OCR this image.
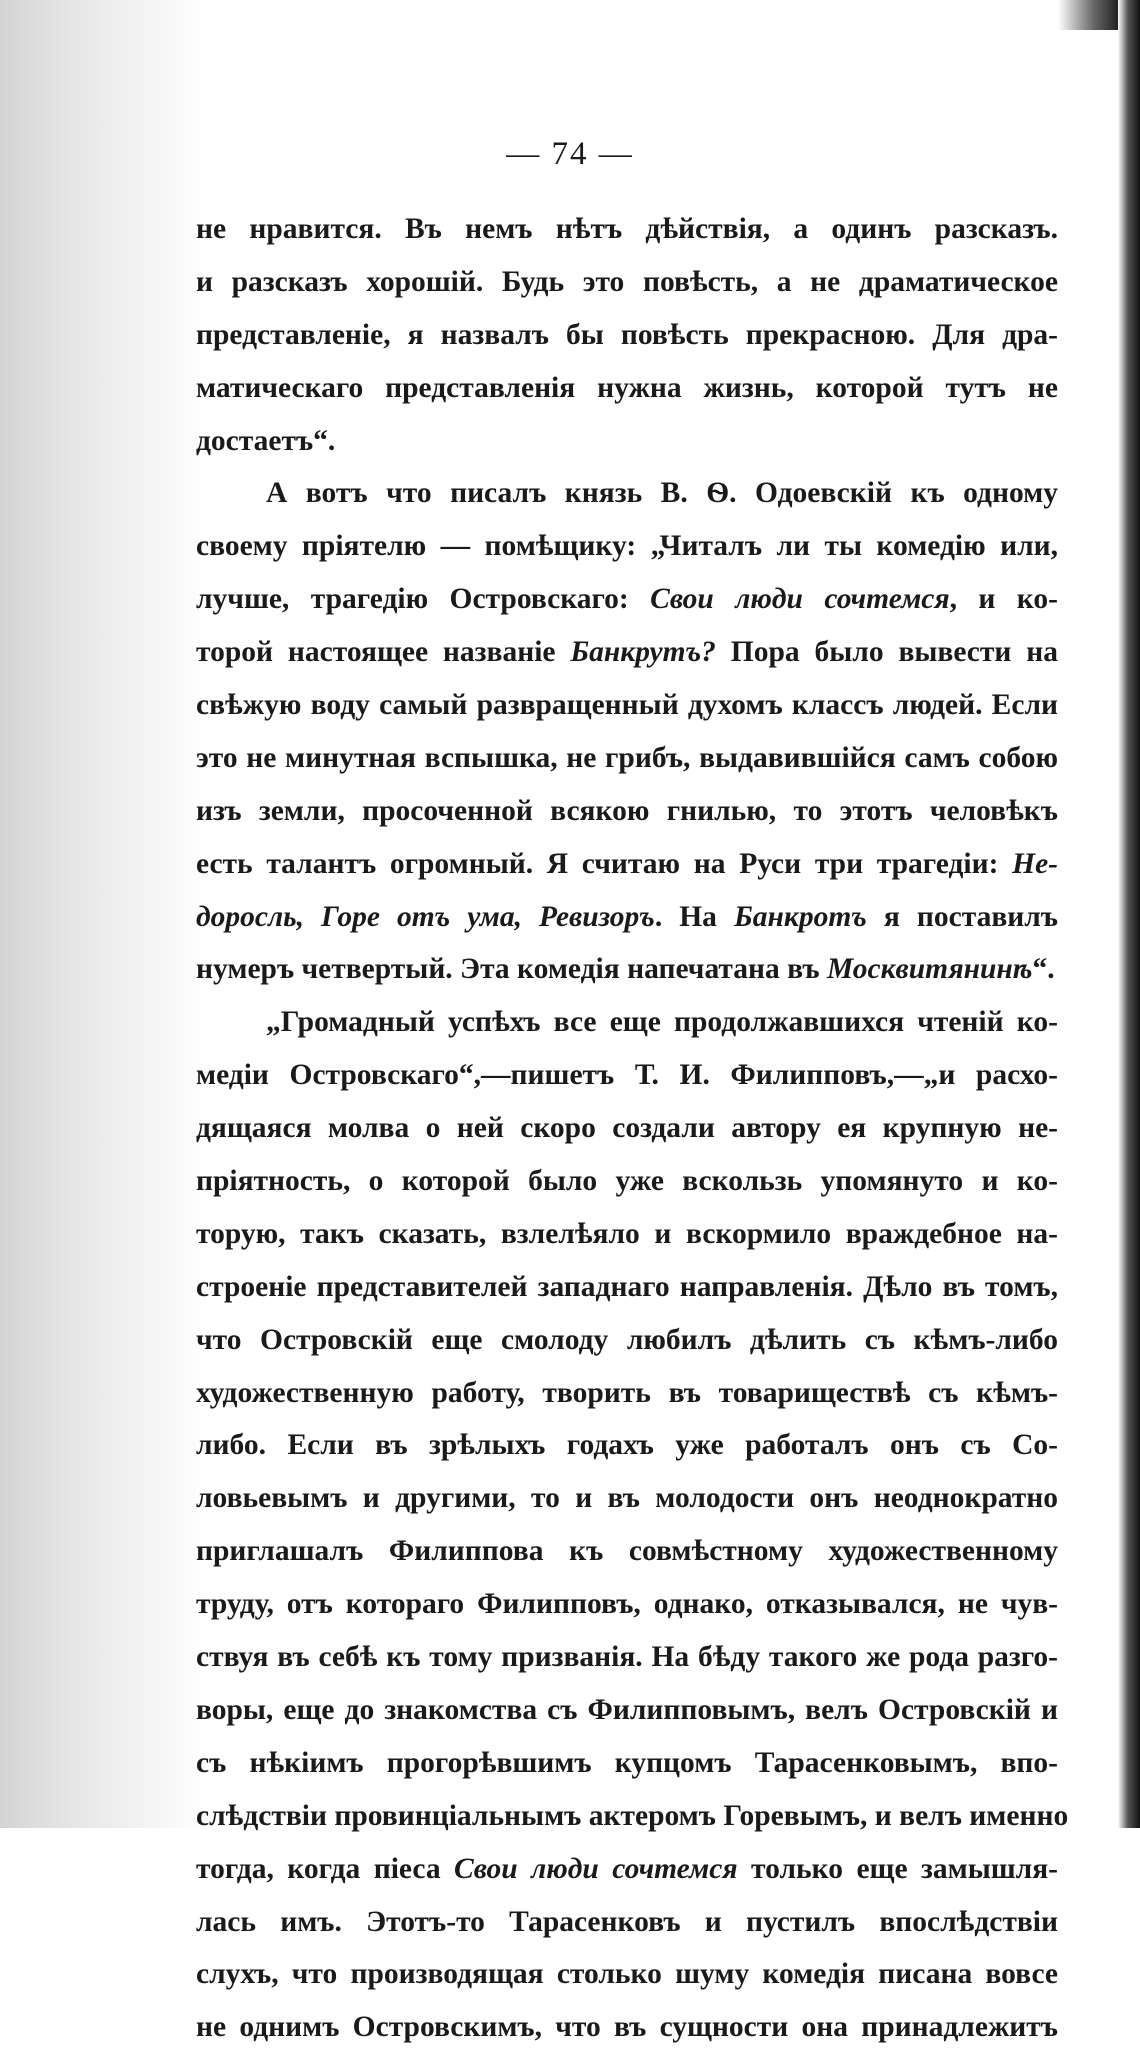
— 74 —
не нравится. Въ немъ нѣтъ дѣйствія, а одинъ разсказъ.
и разсказъ хорошій. Будь это повѣсть, а не драматическое
представленіе, я назвалъ бы повѣсть прекрасною. Для дра-
матическаго представленія нужна жизнь, которой тутъ не
достаетъ“.
А вотъ что писалъ князь В. Ѳ. Одоевскій къ одному
своему пріятелю — помѣщику: „Читалъ ли ты комедію или,
лучше, трагедію Островскаго: Свои люди сочтемся, и ко-
торой настоящее названіе Банкрутъ? Пора было вывести на
свѣжую воду самый развращенный духомъ классъ людей. Если
это не минутная вспышка, не грибъ, выдавившійся самъ собою
изъ земли, просоченной всякою гнилью, то этотъ человѣкъ
есть талантъ огромный. Я считаю на Руси три трагедіи: Не-
доросль, Горе отъ ума, Ревизоръ. На Банкротъ я поставилъ
нумеръ четвертый. Эта комедія напечатана въ Москвитянинѣ“.
„Громадный успѣхъ все еще продолжавшихся чтеній ко-
медіи Островскаго“,—пишетъ Т. И. Филипповъ,—„и расхо-
дящаяся молва о ней скоро создали автору ея крупную не-
пріятность, о которой было уже вскользь упомянуто и ко-
торую, такъ сказать, взлелѣяло и вскормило враждебное на-
строеніе представителей западнаго направленія. Дѣло въ томъ,
что Островскій еще смолоду любилъ дѣлить съ кѣмъ-либо
художественную работу, творить въ товариществѣ съ кѣмъ-
либо. Если въ зрѣлыхъ годахъ уже работалъ онъ съ Со-
ловьевымъ и другими, то и въ молодости онъ неоднократно
приглашалъ Филиппова къ совмѣстному художественному
труду, отъ котораго Филипповъ, однако, отказывался, не чув-
ствуя въ себѣ къ тому призванія. На бѣду такого же рода разго-
воры, еще до знакомства съ Филипповымъ, велъ Островскій и
съ нѣкіимъ прогорѣвшимъ купцомъ Тарасенковымъ, впо-
слѣдствіи провинціальнымъ актеромъ Горевымъ, и велъ именно
тогда, когда піеса Свои люди сочтемся только еще замышля-
лась имъ. Этотъ-то Тарасенковъ и пустилъ впослѣдствіи
слухъ, что производящая столько шуму комедія писана вовсе
не однимъ Островскимъ, что въ сущности она принадлежитъ
